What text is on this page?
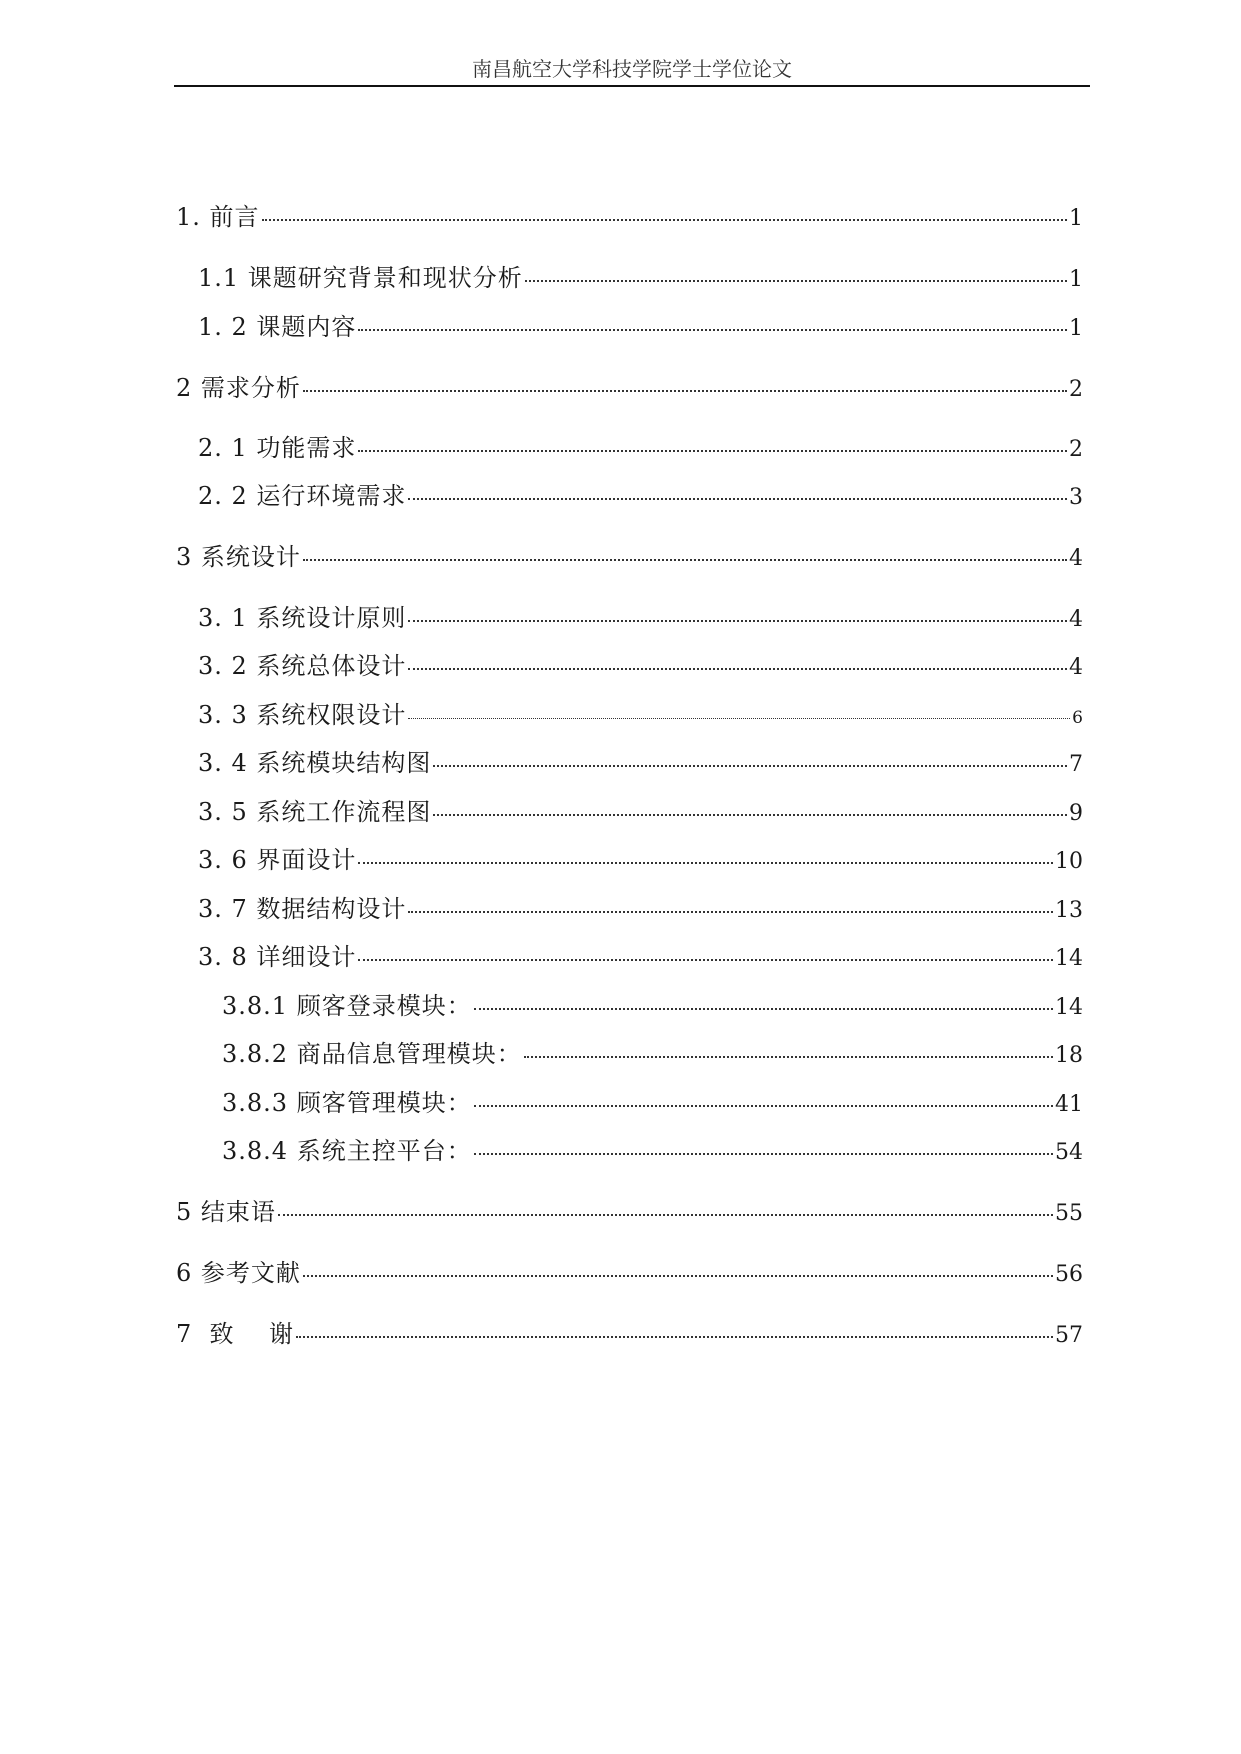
南昌航空大学科技学院学士学位论文
1. 前言	1
1.1 课题研究背景和现状分析	1
1. 2 课题内容	1
2 需求分析	2
2. 1 功能需求	2
2. 2 运行环境需求	3
3 系统设计	4
3. 1 系统设计原则	4
3. 2 系统总体设计	4
3. 3 系统权限设计	6
3. 4 系统模块结构图	7
3. 5 系统工作流程图	9
3. 6 界面设计	10
3. 7 数据结构设计	13
3. 8 详细设计	14
3.8.1 顾客登录模块：	14
3.8.2 商品信息管理模块：	18
3.8.3 顾客管理模块：	41
3.8.4 系统主控平台：	54
5 结束语	55
6 参考文献	56
7  致    谢	57
